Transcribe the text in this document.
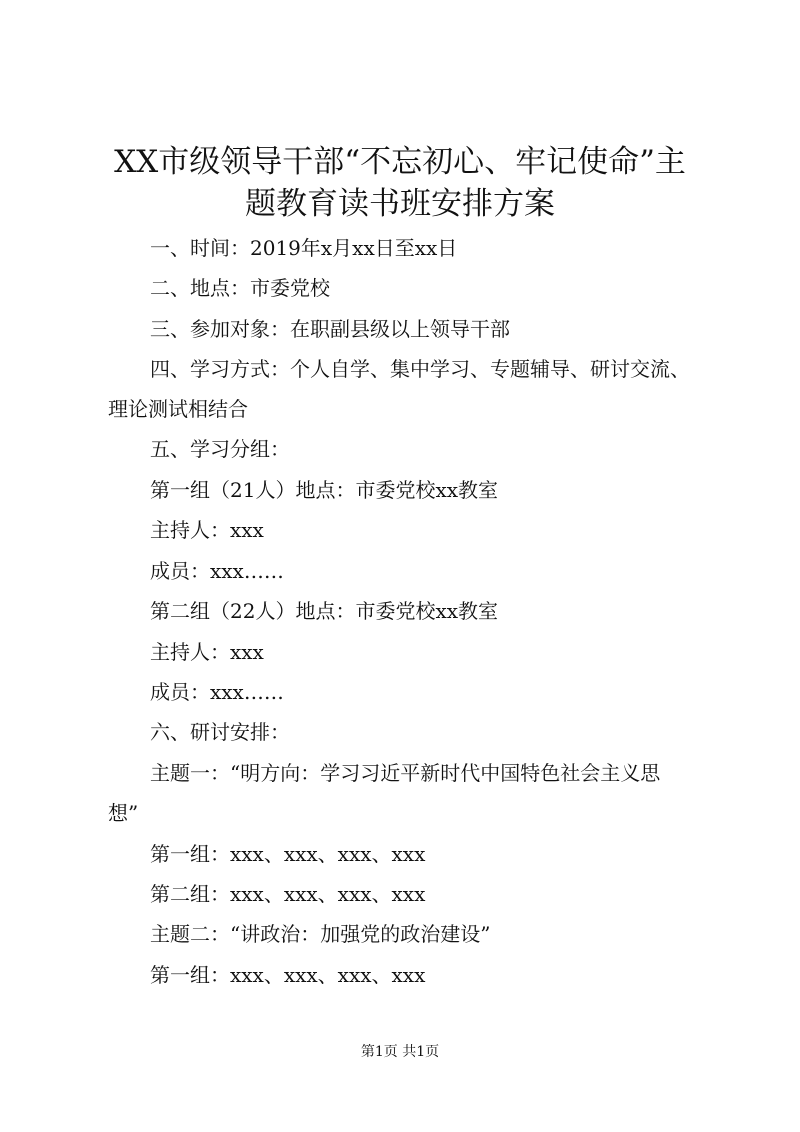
XX市级领导干部“不忘初心、牢记使命”主
题教育读书班安排方案
一、时间：2019年x月xx日至xx日
二、地点：市委党校
三、参加对象：在职副县级以上领导干部
四、学习方式：个人自学、集中学习、专题辅导、研讨交流、
理论测试相结合
五、学习分组：
第一组（21人）地点：市委党校xx教室
主持人：xxx
成员：xxx……
第二组（22人）地点：市委党校xx教室
主持人：xxx
成员：xxx……
六、研讨安排：
主题一：“明方向：学习习近平新时代中国特色社会主义思
想”
第一组：xxx、xxx、xxx、xxx
第二组：xxx、xxx、xxx、xxx
主题二：“讲政治：加强党的政治建设”
第一组：xxx、xxx、xxx、xxx
第1页 共1页
